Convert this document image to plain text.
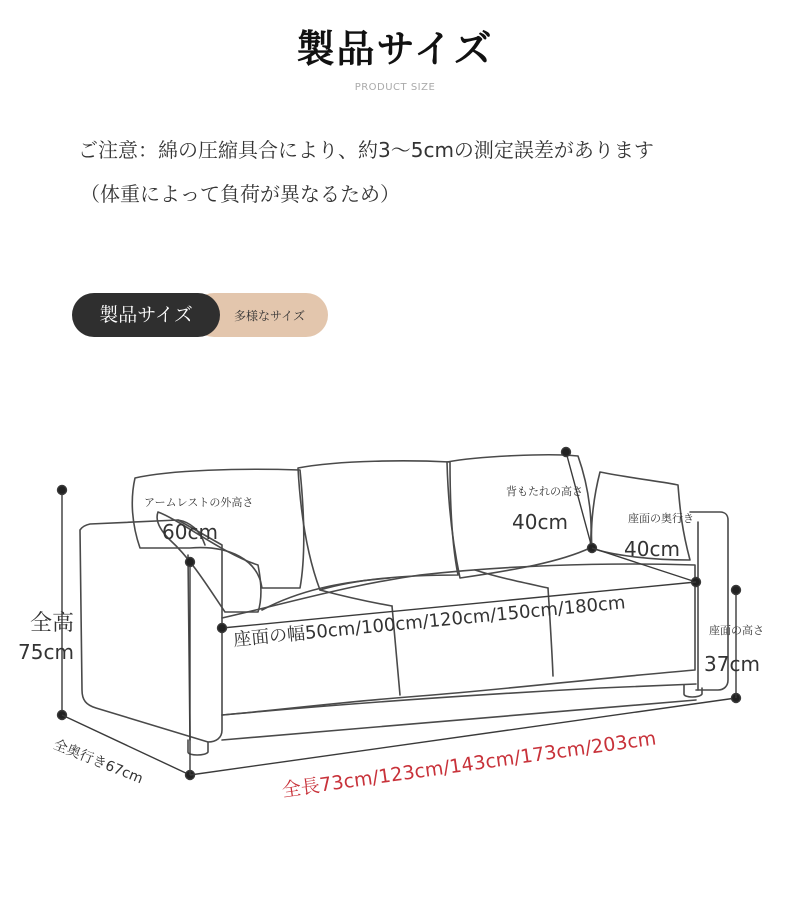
製品サイズ
PRODUCT SIZE
ご注意：綿の圧縮具合により、約3～5cmの測定誤差があります
（体重によって負荷が異なるため）
多様なサイズ
製品サイズ
アームレストの外高さ
60cm
背もたれの高さ
40cm	座面の奥行き
40cm
座面の高さ
37cm
全高
75cm
座面の幅50cm/100cm/120cm/150cm/180cm
全奥行き67cm	全長73cm/123cm/143cm/173cm/203cm
